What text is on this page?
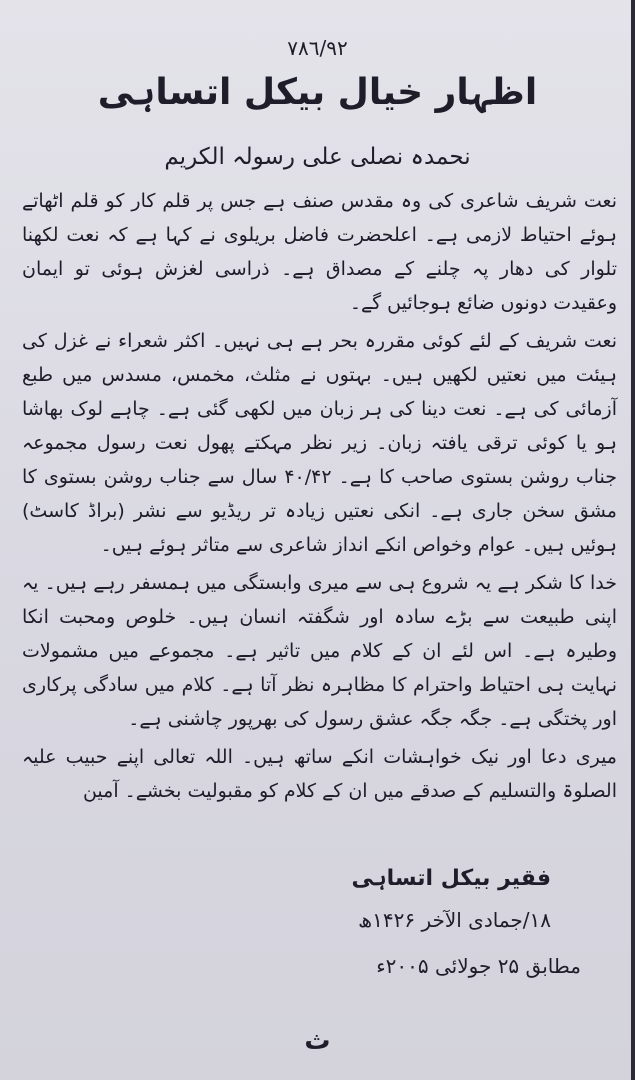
٧٨٦/٩٢
اظہار خیال بیکل اتساہی
نحمدہ نصلی علی رسولہ الکریم

نعت شریف شاعری کی وہ مقدس صنف ہے جس پر قلم کار کو قلم اٹھاتے ہوئے احتیاط لازمی ہے۔ اعلحضرت فاضل بریلوی نے کہا ہے کہ نعت لکھنا تلوار کی دھار پہ چلنے کے مصداق ہے۔ ذراسی لغزش ہوئی تو ایمان وعقیدت دونوں ضائع ہوجائیں گے۔

نعت شریف کے لئے کوئی مقررہ بحر ہے ہی نہیں۔ اکثر شعراء نے غزل کی ہیئت میں نعتیں لکھیں ہیں۔ بہتوں نے مثلث، مخمس، مسدس میں طبع آزمائی کی ہے۔ نعت دینا کی ہر زبان میں لکھی گئی ہے۔ چاہے لوک بھاشا ہو یا کوئی ترقی یافتہ زبان۔ زیر نظر مہکتے پھول نعت رسول مجموعہ جناب روشن بستوی صاحب کا ہے۔ ۴۰/۴۲ سال سے جناب روشن بستوی کا مشق سخن جاری ہے۔ انکی نعتیں زیادہ تر ریڈیو سے نشر (براڈ کاسٹ) ہوئیں ہیں۔ عوام وخواص انکے انداز شاعری سے متاثر ہوئے ہیں۔

خدا کا شکر ہے یہ شروع ہی سے میری وابستگی میں ہمسفر رہے ہیں۔ یہ اپنی طبیعت سے بڑے سادہ اور شگفتہ انسان ہیں۔ خلوص ومحبت انکا وطیرہ ہے۔ اس لئے ان کے کلام میں تاثیر ہے۔ مجموعے میں مشمولات نہایت ہی احتیاط واحترام کا مظاہرہ نظر آتا ہے۔ کلام میں سادگی پرکاری اور پختگی ہے۔ جگہ جگہ عشق رسول کی بھرپور چاشنی ہے۔

میری دعا اور نیک خواہشات انکے ساتھ ہیں۔ اللہ تعالی اپنے حبیب علیہ الصلوۃ والتسلیم کے صدقے میں ان کے کلام کو مقبولیت بخشے۔ آمین

فقیر بیکل اتساہی
۱۸/جمادی الآخر ۱۴۲۶ھ
مطابق ۲۵ جولائی ۲۰۰۵ء
ث
